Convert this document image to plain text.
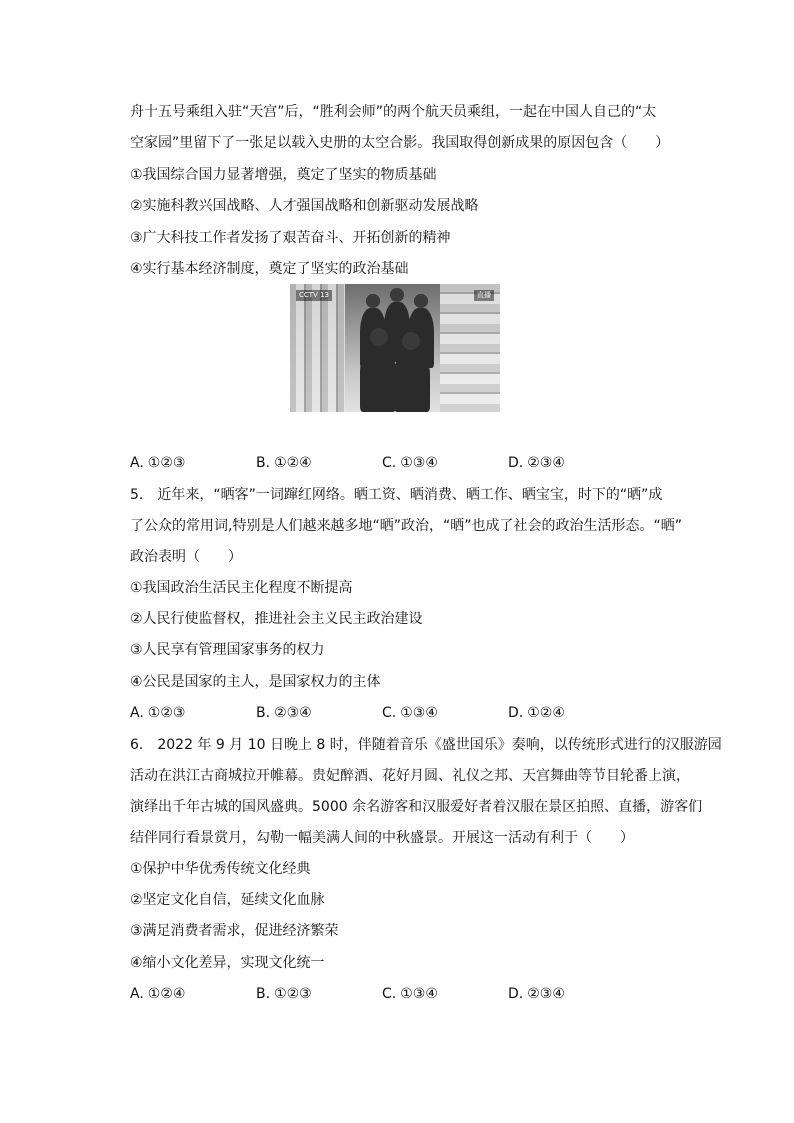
舟十五号乘组入驻“天宫”后，“胜利会师”的两个航天员乘组，一起在中国人自己的“太
空家园”里留下了一张足以载入史册的太空合影。我国取得创新成果的原因包含（　　）
①我国综合国力显著增强，奠定了坚实的物质基础
②实施科教兴国战略、人才强国战略和创新驱动发展战略
③广大科技工作者发扬了艰苦奋斗、开拓创新的精神
④实行基本经济制度，奠定了坚实的政治基础
CCTV 13	直播
A. ①②③	B. ①②④	C. ①③④	D. ②③④
5.　近年来，“晒客”一词蹿红网络。晒工资、晒消费、晒工作、晒宝宝，时下的“晒”成
了公众的常用词,特别是人们越来越多地“晒”政治，“晒”也成了社会的政治生活形态。“晒”
政治表明（　　）
①我国政治生活民主化程度不断提高
②人民行使监督权，推进社会主义民主政治建设
③人民享有管理国家事务的权力
④公民是国家的主人，是国家权力的主体
A. ①②③	B. ②③④	C. ①③④	D. ①②④
6.　2022 年 9 月 10 日晚上 8 时，伴随着音乐《盛世国乐》奏响，以传统形式进行的汉服游园
活动在洪江古商城拉开帷幕。贵妃醉酒、花好月圆、礼仪之邦、天宫舞曲等节目轮番上演，
演绎出千年古城的国风盛典。5000 余名游客和汉服爱好者着汉服在景区拍照、直播，游客们
结伴同行看景赏月，勾勒一幅美满人间的中秋盛景。开展这一活动有利于（　　）
①保护中华优秀传统文化经典
②坚定文化自信，延续文化血脉
③满足消费者需求，促进经济繁荣
④缩小文化差异，实现文化统一
A. ①②④	B. ①②③	C. ①③④	D. ②③④
